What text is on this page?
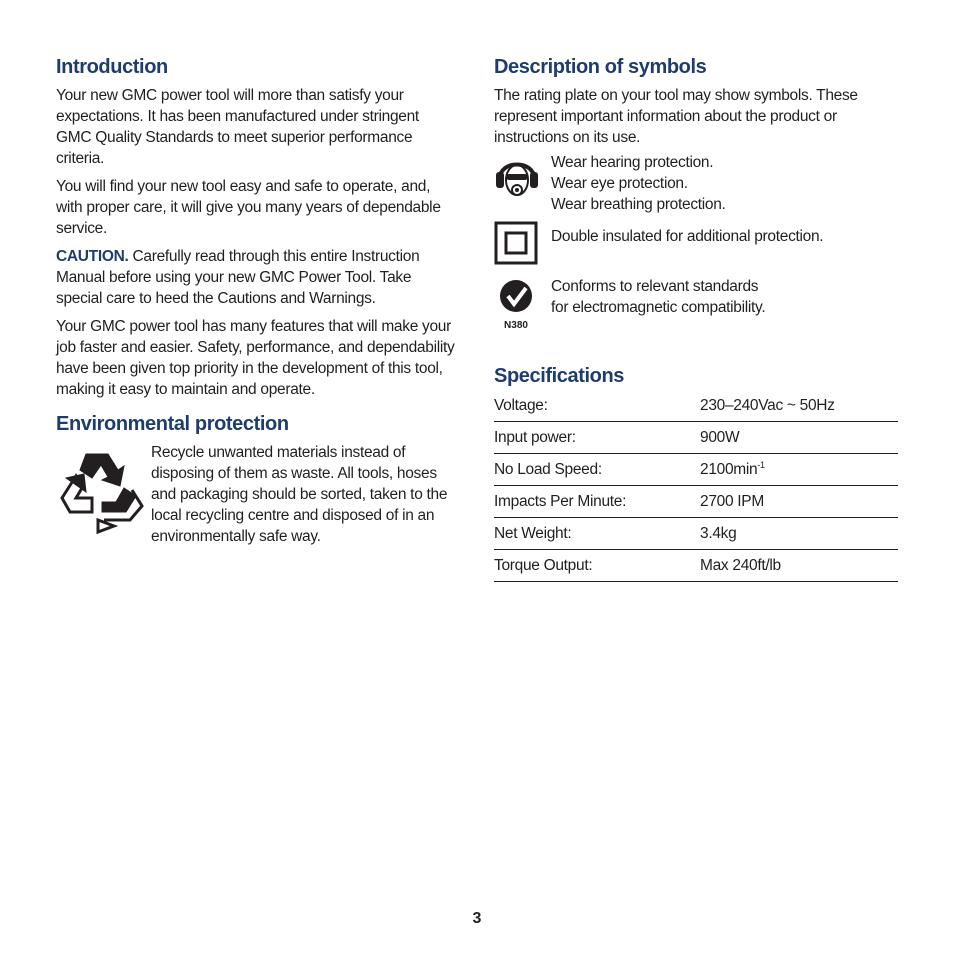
Introduction

Your new GMC power tool will more than satisfy your expectations. It has been manufactured under stringent GMC Quality Standards to meet superior performance criteria.

You will find your new tool easy and safe to operate, and, with proper care, it will give you many years of dependable service.

CAUTION. Carefully read through this entire Instruction Manual before using your new GMC Power Tool. Take special care to heed the Cautions and Warnings.

Your GMC power tool has many features that will make your job faster and easier. Safety, performance, and dependability have been given top priority in the development of this tool, making it easy to maintain and operate.

Environmental protection
Recycle unwanted materials instead of disposing of them as waste. All tools, hoses and packaging should be sorted, taken to the local recycling centre and disposed of in an environmentally safe way.
Description of symbols

The rating plate on your tool may show symbols. These represent important information about the product or instructions on its use.

Wear hearing protection.
Wear eye protection.
Wear breathing protection.
Double insulated for additional protection.
N380
Conforms to relevant standards
for electromagnetic compatibility.
Specifications
Voltage:	230–240Vac ~ 50Hz
Input power:	900W
No Load Speed:	$2100\min^{-1}$
Impacts Per Minute:	2700 IPM
Net Weight:	3.4kg
Torque Output:	Max 240ft/lb
3
